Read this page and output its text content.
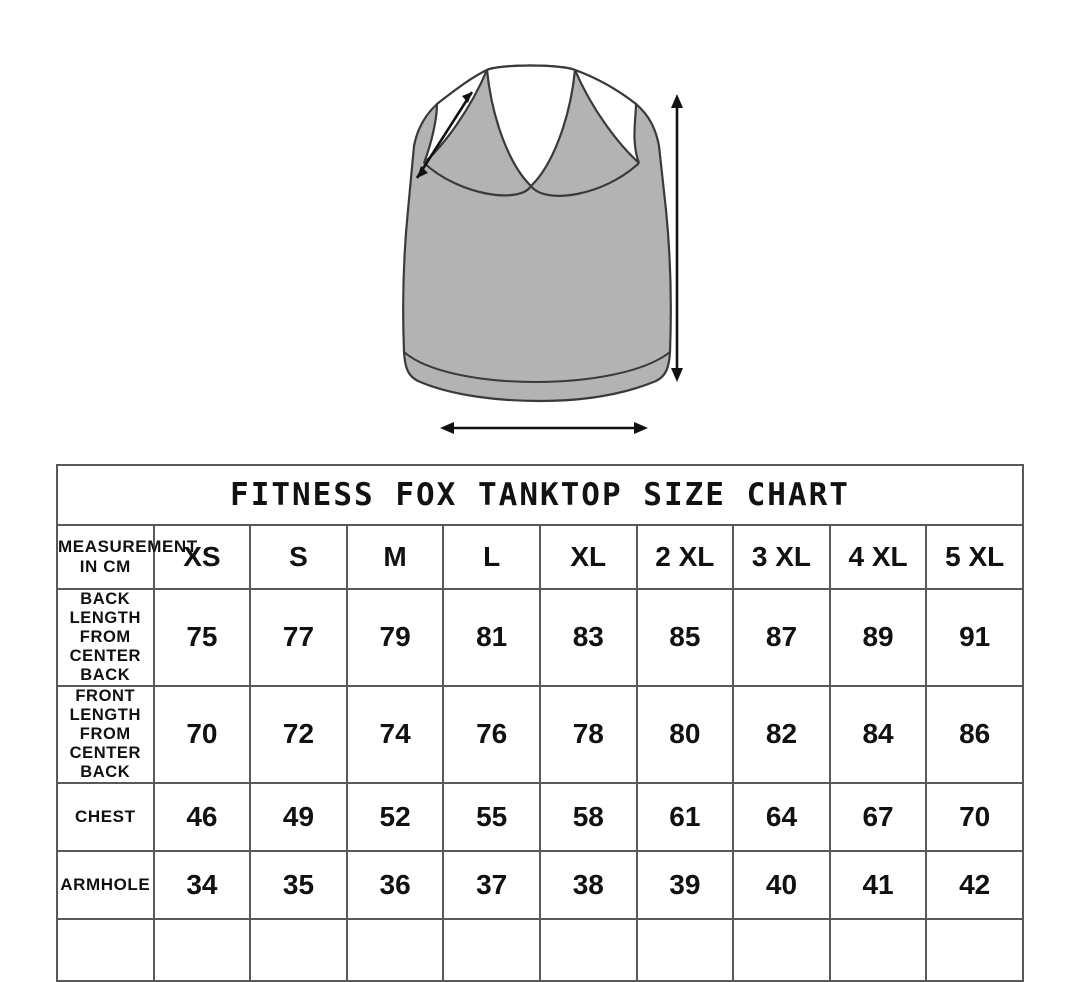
FITNESS FOX TANKTOP SIZE CHART									
MEASUREMENT IN CM	XS	S	M	L	XL	2 XL	3 XL	4 XL	5 XL
BACK LENGTH FROM CENTER BACK	75	77	79	81	83	85	87	89	91
FRONT LENGTH FROM CENTER BACK	70	72	74	76	78	80	82	84	86
CHEST	46	49	52	55	58	61	64	67	70
ARMHOLE	34	35	36	37	38	39	40	41	42
